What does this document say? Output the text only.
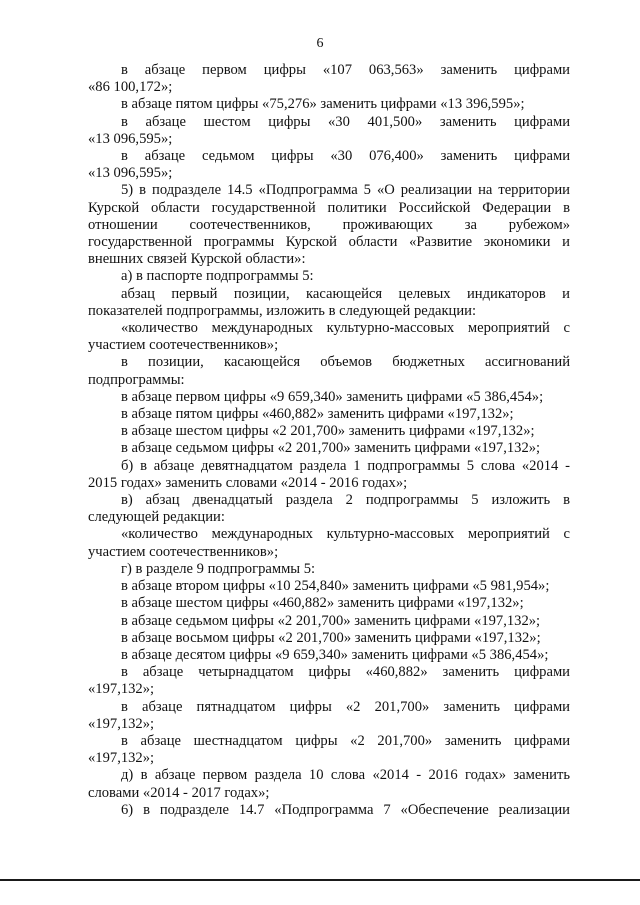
6

в абзаце первом цифры «107 063,563» заменить цифрами
«86 100,172»;

в абзаце пятом цифры «75,276» заменить цифрами «13 396,595»;

в абзаце шестом цифры «30 401,500» заменить цифрами
«13 096,595»;

в абзаце седьмом цифры «30 076,400» заменить цифрами
«13 096,595»;

5) в подразделе 14.5 «Подпрограмма 5 «О реализации на территории
Курской области государственной политики Российской Федерации в
отношении соотечественников, проживающих за рубежом»
государственной программы Курской области «Развитие экономики и
внешних связей Курской области»:

а) в паспорте подпрограммы 5:

абзац первый позиции, касающейся целевых индикаторов и
показателей подпрограммы, изложить в следующей редакции:

«количество международных культурно-массовых мероприятий с
участием соотечественников»;

в позиции, касающейся объемов бюджетных ассигнований
подпрограммы:

в абзаце первом цифры «9 659,340» заменить цифрами «5 386,454»;

в абзаце пятом цифры «460,882» заменить цифрами «197,132»;

в абзаце шестом цифры «2 201,700» заменить цифрами «197,132»;

в абзаце седьмом цифры «2 201,700» заменить цифрами «197,132»;

б) в абзаце девятнадцатом раздела 1 подпрограммы 5 слова «2014 -
2015 годах» заменить словами «2014 - 2016 годах»;

в) абзац двенадцатый раздела 2 подпрограммы 5 изложить в
следующей редакции:

«количество международных культурно-массовых мероприятий с
участием соотечественников»;

г) в разделе 9 подпрограммы 5:

в абзаце втором цифры «10 254,840» заменить цифрами «5 981,954»;

в абзаце шестом цифры «460,882» заменить цифрами «197,132»;

в абзаце седьмом цифры «2 201,700» заменить цифрами «197,132»;

в абзаце восьмом цифры «2 201,700» заменить цифрами «197,132»;

в абзаце десятом цифры «9 659,340» заменить цифрами «5 386,454»;

в абзаце четырнадцатом цифры «460,882» заменить цифрами
«197,132»;

в абзаце пятнадцатом цифры «2 201,700» заменить цифрами
«197,132»;

в абзаце шестнадцатом цифры «2 201,700» заменить цифрами
«197,132»;

д) в абзаце первом раздела 10 слова «2014 - 2016 годах» заменить
словами «2014 - 2017 годах»;

6) в подразделе 14.7 «Подпрограмма 7 «Обеспечение реализации
